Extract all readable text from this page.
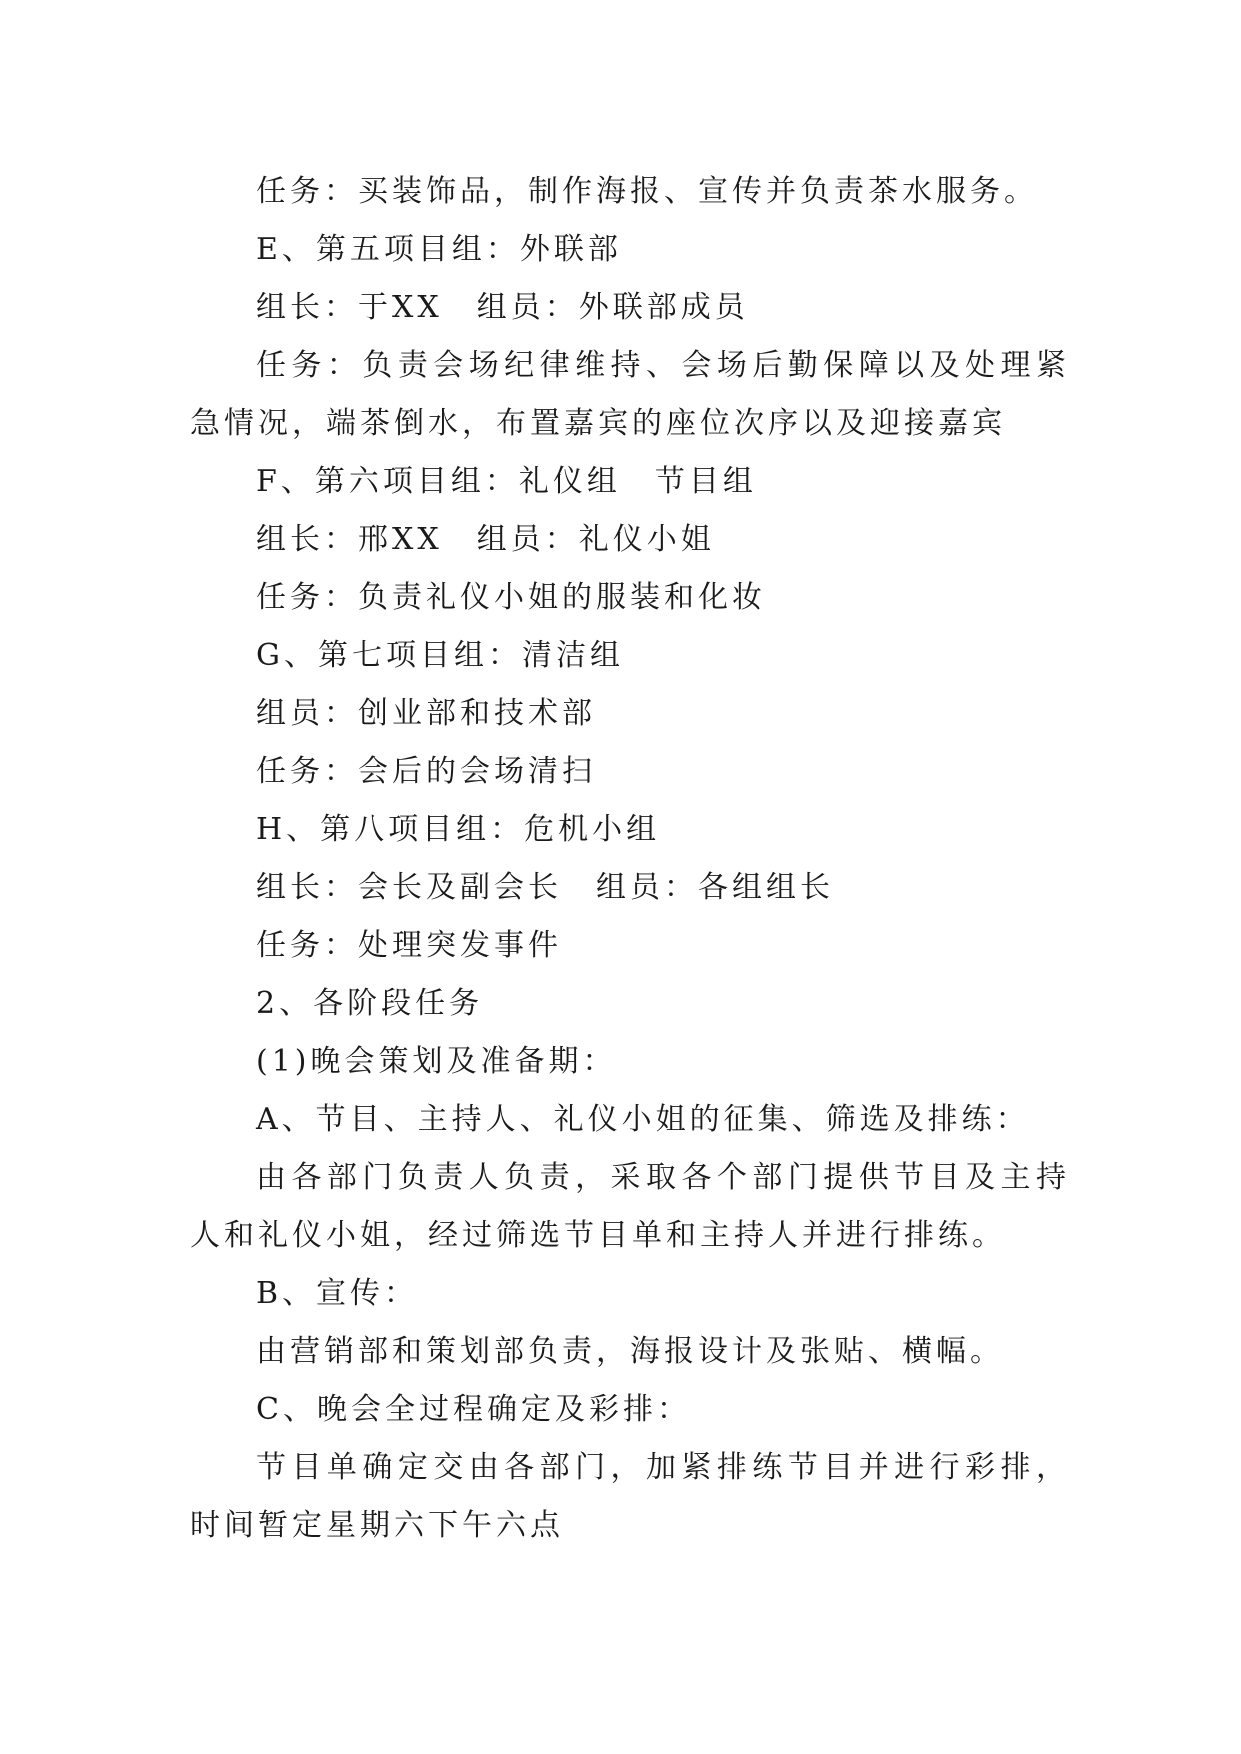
任务：买装饰品，制作海报、宣传并负责茶水服务。

E、第五项目组：外联部

组长：于XX　组员：外联部成员

任务：负责会场纪律维持、会场后勤保障以及处理紧急情况，端茶倒水，布置嘉宾的座位次序以及迎接嘉宾

F、第六项目组：礼仪组　节目组

组长：邢XX　组员：礼仪小姐

任务：负责礼仪小姐的服装和化妆

G、第七项目组：清洁组

组员：创业部和技术部

任务：会后的会场清扫

H、第八项目组：危机小组

组长：会长及副会长　组员：各组组长

任务：处理突发事件

2、各阶段任务

(1)晚会策划及准备期：

A、节目、主持人、礼仪小姐的征集、筛选及排练：

由各部门负责人负责，采取各个部门提供节目及主持人和礼仪小姐，经过筛选节目单和主持人并进行排练。

B、宣传：

由营销部和策划部负责，海报设计及张贴、横幅。

C、晚会全过程确定及彩排：

节目单确定交由各部门，加紧排练节目并进行彩排，时间暂定星期六下午六点
